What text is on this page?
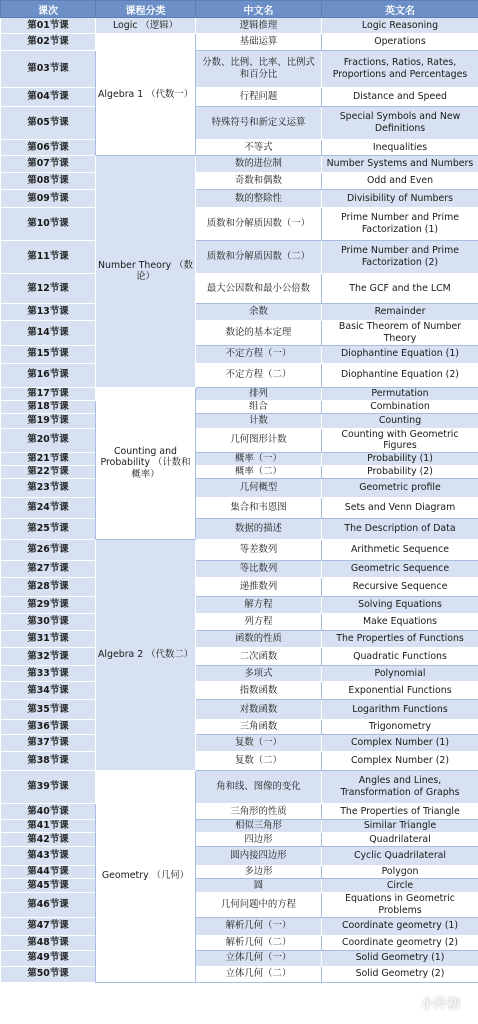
课次	课程分类	中文名	英文名
第01节课	Logic （逻辑）	逻辑推理	Logic Reasoning
第02节课	Algebra 1 （代数一）	基础运算	Operations
第03节课		分数、比例、比率、比例式和百分比	Fractions, Ratios, Rates, Proportions and Percentages
第04节课		行程问题	Distance and Speed
第05节课		特殊符号和新定义运算	Special Symbols and New Definitions
第06节课		不等式	Inequalities
第07节课	Number Theory （数论）	数的进位制	Number Systems and Numbers
第08节课		奇数和偶数	Odd and Even
第09节课		数的整除性	Divisibility of Numbers
第10节课		质数和分解质因数（一）	Prime Number and Prime Factorization (1)
第11节课		质数和分解质因数（二）	Prime Number and Prime Factorization (2)
第12节课		最大公因数和最小公倍数	The GCF and the LCM
第13节课		余数	Remainder
第14节课		数论的基本定理	Basic Theorem of Number Theory
第15节课		不定方程（一）	Diophantine Equation (1)
第16节课		不定方程（二）	Diophantine Equation (2)
第17节课	Counting and Probability （计数和概率）	排列	Permutation
第18节课		组合	Combination
第19节课		计数	Counting
第20节课		几何图形计数	Counting with Geometric Figures
第21节课		概率（一）	Probability (1)
第22节课		概率（二）	Probability (2)
第23节课		几何概型	Geometric profile
第24节课		集合和韦恩图	Sets and Venn Diagram
第25节课		数据的描述	The Description of Data
第26节课	Algebra 2 （代数二）	等差数列	Arithmetic Sequence
第27节课		等比数列	Geometric Sequence
第28节课		递推数列	Recursive Sequence
第29节课		解方程	Solving Equations
第30节课		列方程	Make Equations
第31节课		函数的性质	The Properties of Functions
第32节课		二次函数	Quadratic Functions
第33节课		多项式	Polynomial
第34节课		指数函数	Exponential Functions
第35节课		对数函数	Logarithm Functions
第36节课		三角函数	Trigonometry
第37节课		复数（一）	Complex Number (1)
第38节课		复数（二）	Complex Number (2)
第39节课	Geometry （几何）	角和线、图像的变化	Angles and Lines, Transformation of Graphs
第40节课		三角形的性质	The Properties of Triangle
第41节课		相似三角形	Similar Triangle
第42节课		四边形	Quadrilateral
第43节课		圆内接四边形	Cyclic Quadrilateral
第44节课		多边形	Polygon
第45节课		圆	Circle
第46节课		几何问题中的方程	Equations in Geometric Problems
第47节课		解析几何（一）	Coordinate geometry (1)
第48节课		解析几何（二）	Coordinate geometry (2)
第49节课		立体几何（一）	Solid Geometry (1)
第50节课		立体几何（二）	Solid Geometry (2)
小升初
